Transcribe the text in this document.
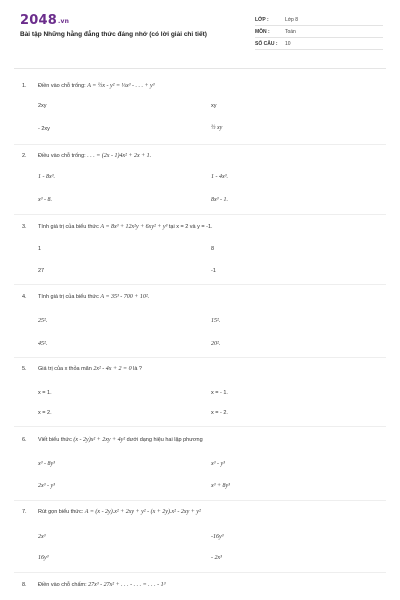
2048.vn
Bài tập Những hằng đẳng thức đáng nhớ (có lời giải chi tiết)
LỚP :	Lớp 8
MÔN :	Toán
SỐ CÂU : 10
1. Điền vào chỗ trống: A = ½x - y² = ⅓x³ - . . . + y³
2xy	xy
- 2xy	½ xy
2. Điều vào chỗ trống: . . . = (2x - 1)4x² + 2x + 1.
1 - 8x³.	1 - 4x³.
x³ - 8.	8x³ - 1.
3. Tính giá trị của biểu thức A = 8x³ + 12x²y + 6xy² + y³ tại x = 2 và y = -1.
1	8
27	-1
4. Tính giá trị của biểu thức A = 35³ - 700 + 10².
25².	15².
45².	20².
5. Giá trị của x thỏa mãn 2x² - 4x + 2 = 0 là ?
x = 1.	x = - 1.
x = 2.	x = - 2.
6. Viết biểu thức (x - 2y)x² + 2xy + 4y² dưới dạng hiệu hai lập phương
x³ - 8y³	x³ - y³
2x³ - y³	x³ + 8y³
7. Rút gọn biểu thức: A = (x - 2y).x² + 2xy + y² - (x + 2y).x² - 2xy + y²
2x³	-16y³
16y³	- 2x³
8. Điền vào chỗ chấm: 27x³ - 27x² + . . . - . . . = . . . - 1³
